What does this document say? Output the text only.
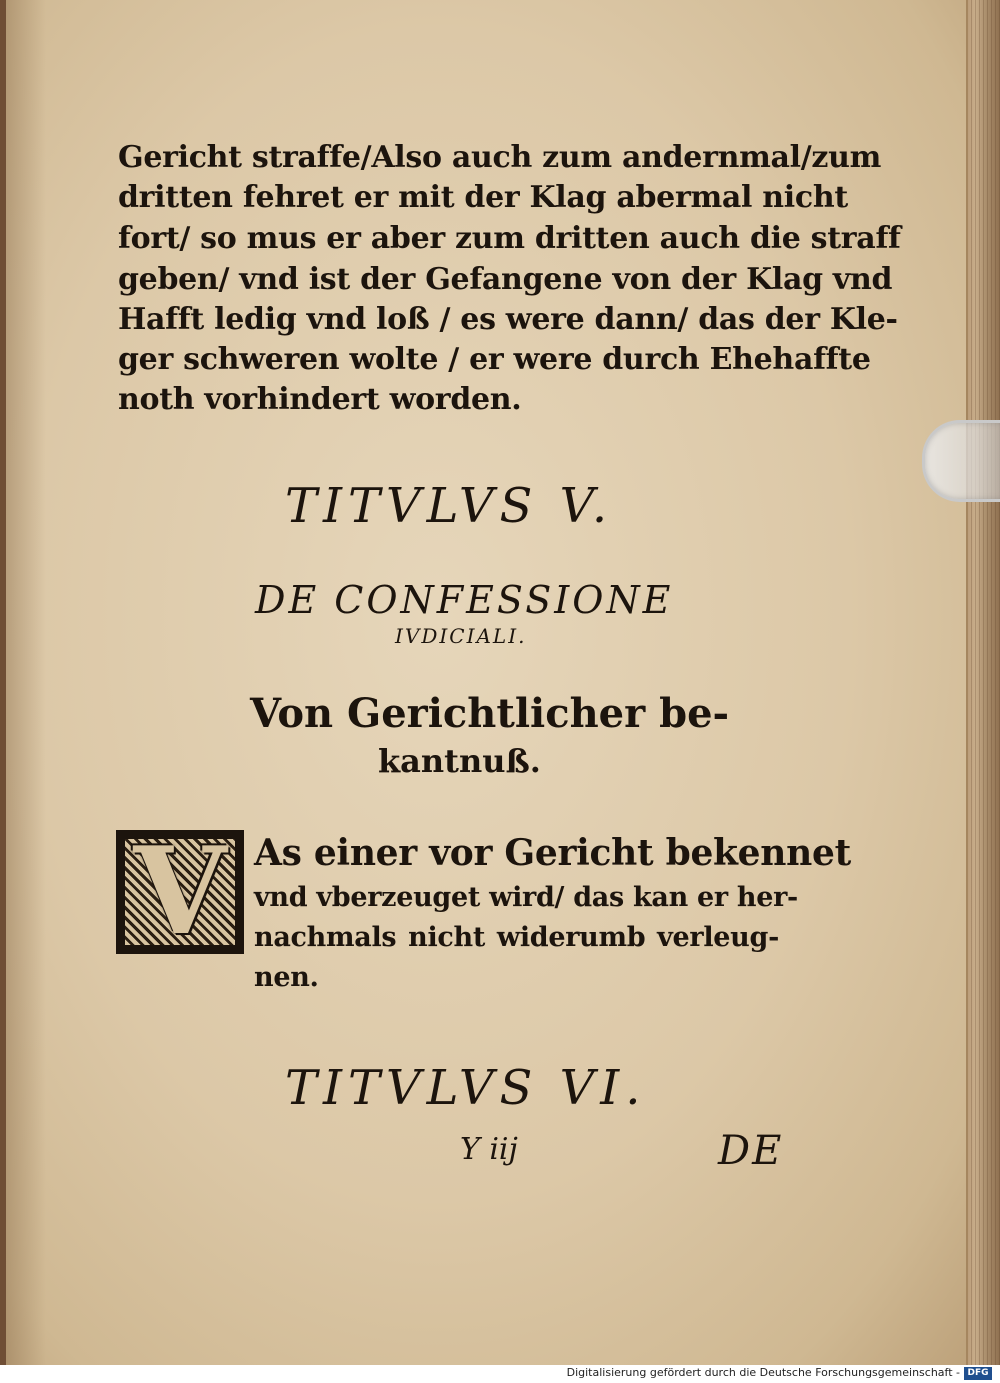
Gericht straffe/Also auch zum andernmal/zum
dritten fehret er mit der Klag abermal nicht
fort/ so mus er aber zum dritten auch die straff
geben/ vnd ist der Gefangene von der Klag vnd
Hafft ledig vnd loß / es were dann/ das der Kle-
ger schweren wolte / er were durch Ehehaffte
noth vorhindert worden.
TITVLVS V.
DE CONFESSIONE
IVDICIALI.
Von Gerichtlicher be-
kantnuß.
V As einer vor Gericht bekennet
vnd vberzeuget wird/ das kan er her-
nachmals nicht widerumb verleug-
nen.
TITVLVS VI.
Y iij	DE
Digitalisierung gefördert durch die Deutsche Forschungsgemeinschaft - DFG
